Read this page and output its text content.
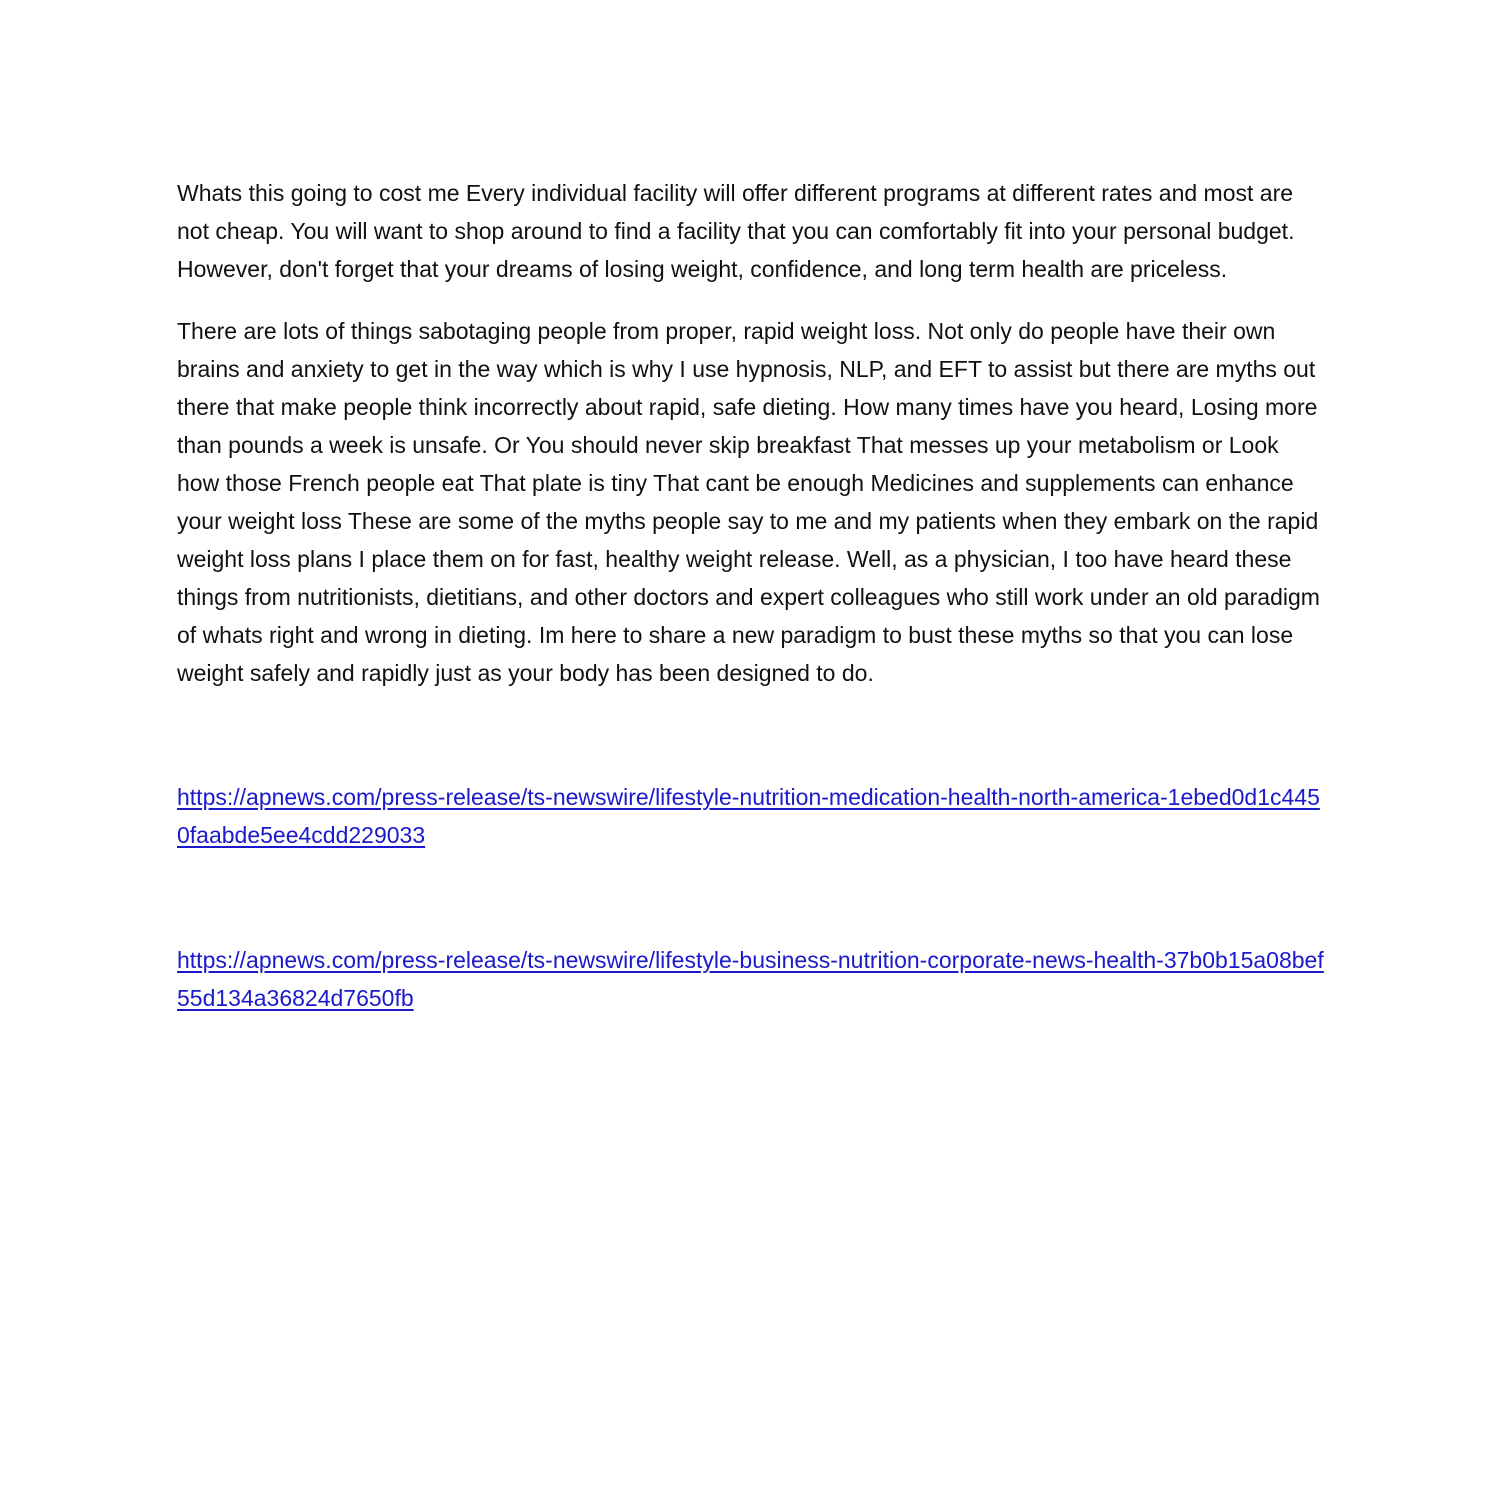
Whats this going to cost me Every individual facility will offer different programs at different rates and most are not cheap. You will want to shop around to find a facility that you can comfortably fit into your personal budget. However, don't forget that your dreams of losing weight, confidence, and long term health are priceless.

There are lots of things sabotaging people from proper, rapid weight loss. Not only do people have their own brains and anxiety to get in the way which is why I use hypnosis, NLP, and EFT to assist but there are myths out there that make people think incorrectly about rapid, safe dieting. How many times have you heard, Losing more than pounds a week is unsafe. Or You should never skip breakfast That messes up your metabolism or Look how those French people eat That plate is tiny That cant be enough Medicines and supplements can enhance your weight loss These are some of the myths people say to me and my patients when they embark on the rapid weight loss plans I place them on for fast, healthy weight release. Well, as a physician, I too have heard these things from nutritionists, dietitians, and other doctors and expert colleagues who still work under an old paradigm of whats right and wrong in dieting. Im here to share a new paradigm to bust these myths so that you can lose weight safely and rapidly just as your body has been designed to do.

https://apnews.com/press-release/ts-newswire/lifestyle-nutrition-medication-health-north-america-1ebed0d1c4450faabde5ee4cdd229033

https://apnews.com/press-release/ts-newswire/lifestyle-business-nutrition-corporate-news-health-37b0b15a08bef55d134a36824d7650fb
